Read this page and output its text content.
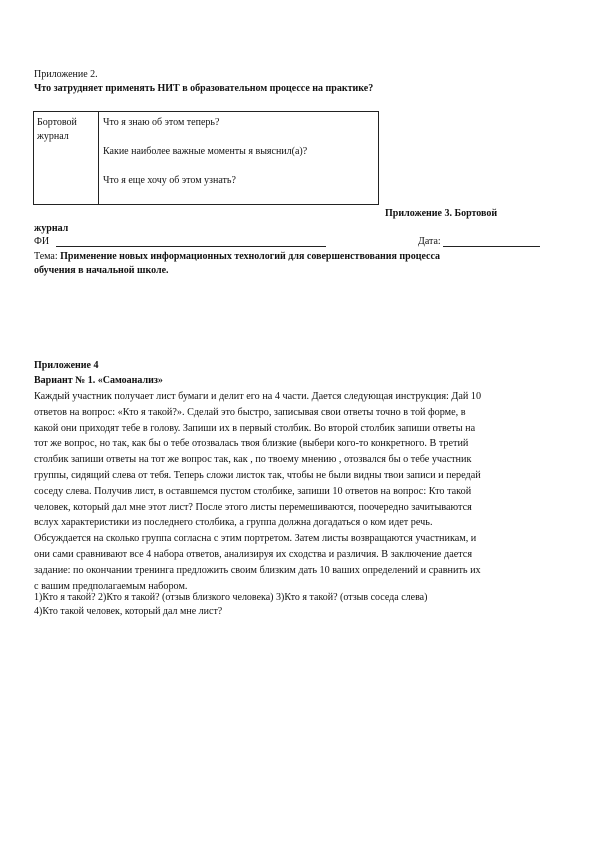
Приложение 2.
Что затрудняет применять НИТ в образовательном процессе на практике?
Бортовой
журнал
Что я знаю об этом теперь?
Какие наиболее важные моменты я выяснил(а)?
Что я еще хочу об этом узнать?
Приложение 3. Бортовой
журнал
ФИ	Дата:
Тема: Применение новых информационных технологий для совершенствования процесса
обучения в начальной школе.
Приложение 4
Вариант № 1. «Самоанализ»
Каждый участник получает лист бумаги и делит его на 4 части. Дается следующая инструкция: Дай 10
ответов на вопрос: «Кто я такой?». Сделай это быстро, записывая свои ответы точно в той форме, в
какой они приходят тебе в голову. Запиши их в первый столбик. Во второй столбик запиши ответы на
тот же вопрос, но так, как бы о тебе отозвалась твоя близкие (выбери кого-то конкретного. В третий
столбик запиши ответы на тот же вопрос так, как , по твоему мнению , отозвался бы о тебе участник
группы, сидящий слева от тебя. Теперь сложи листок так, чтобы не были видны твои записи и передай
соседу слева. Получив лист, в оставшемся пустом столбике, запиши 10 ответов на вопрос: Кто такой
человек, который дал мне этот лист? После этого листы перемешиваются, поочередно зачитываются
вслух характеристики из последнего столбика, а группа должна догадаться о ком идет речь.
Обсуждается на сколько группа согласна с этим портретом. Затем листы возвращаются участникам, и
они сами сравнивают все 4 набора ответов, анализируя их сходства и различия. В заключение дается
задание: по окончании тренинга предложить своим близким дать 10 ваших определений и сравнить их
с вашим предполагаемым набором.
1)Кто я такой? 2)Кто я такой? (отзыв близкого человека) 3)Кто я такой? (отзыв соседа слева)
4)Кто такой человек, который дал мне лист?
